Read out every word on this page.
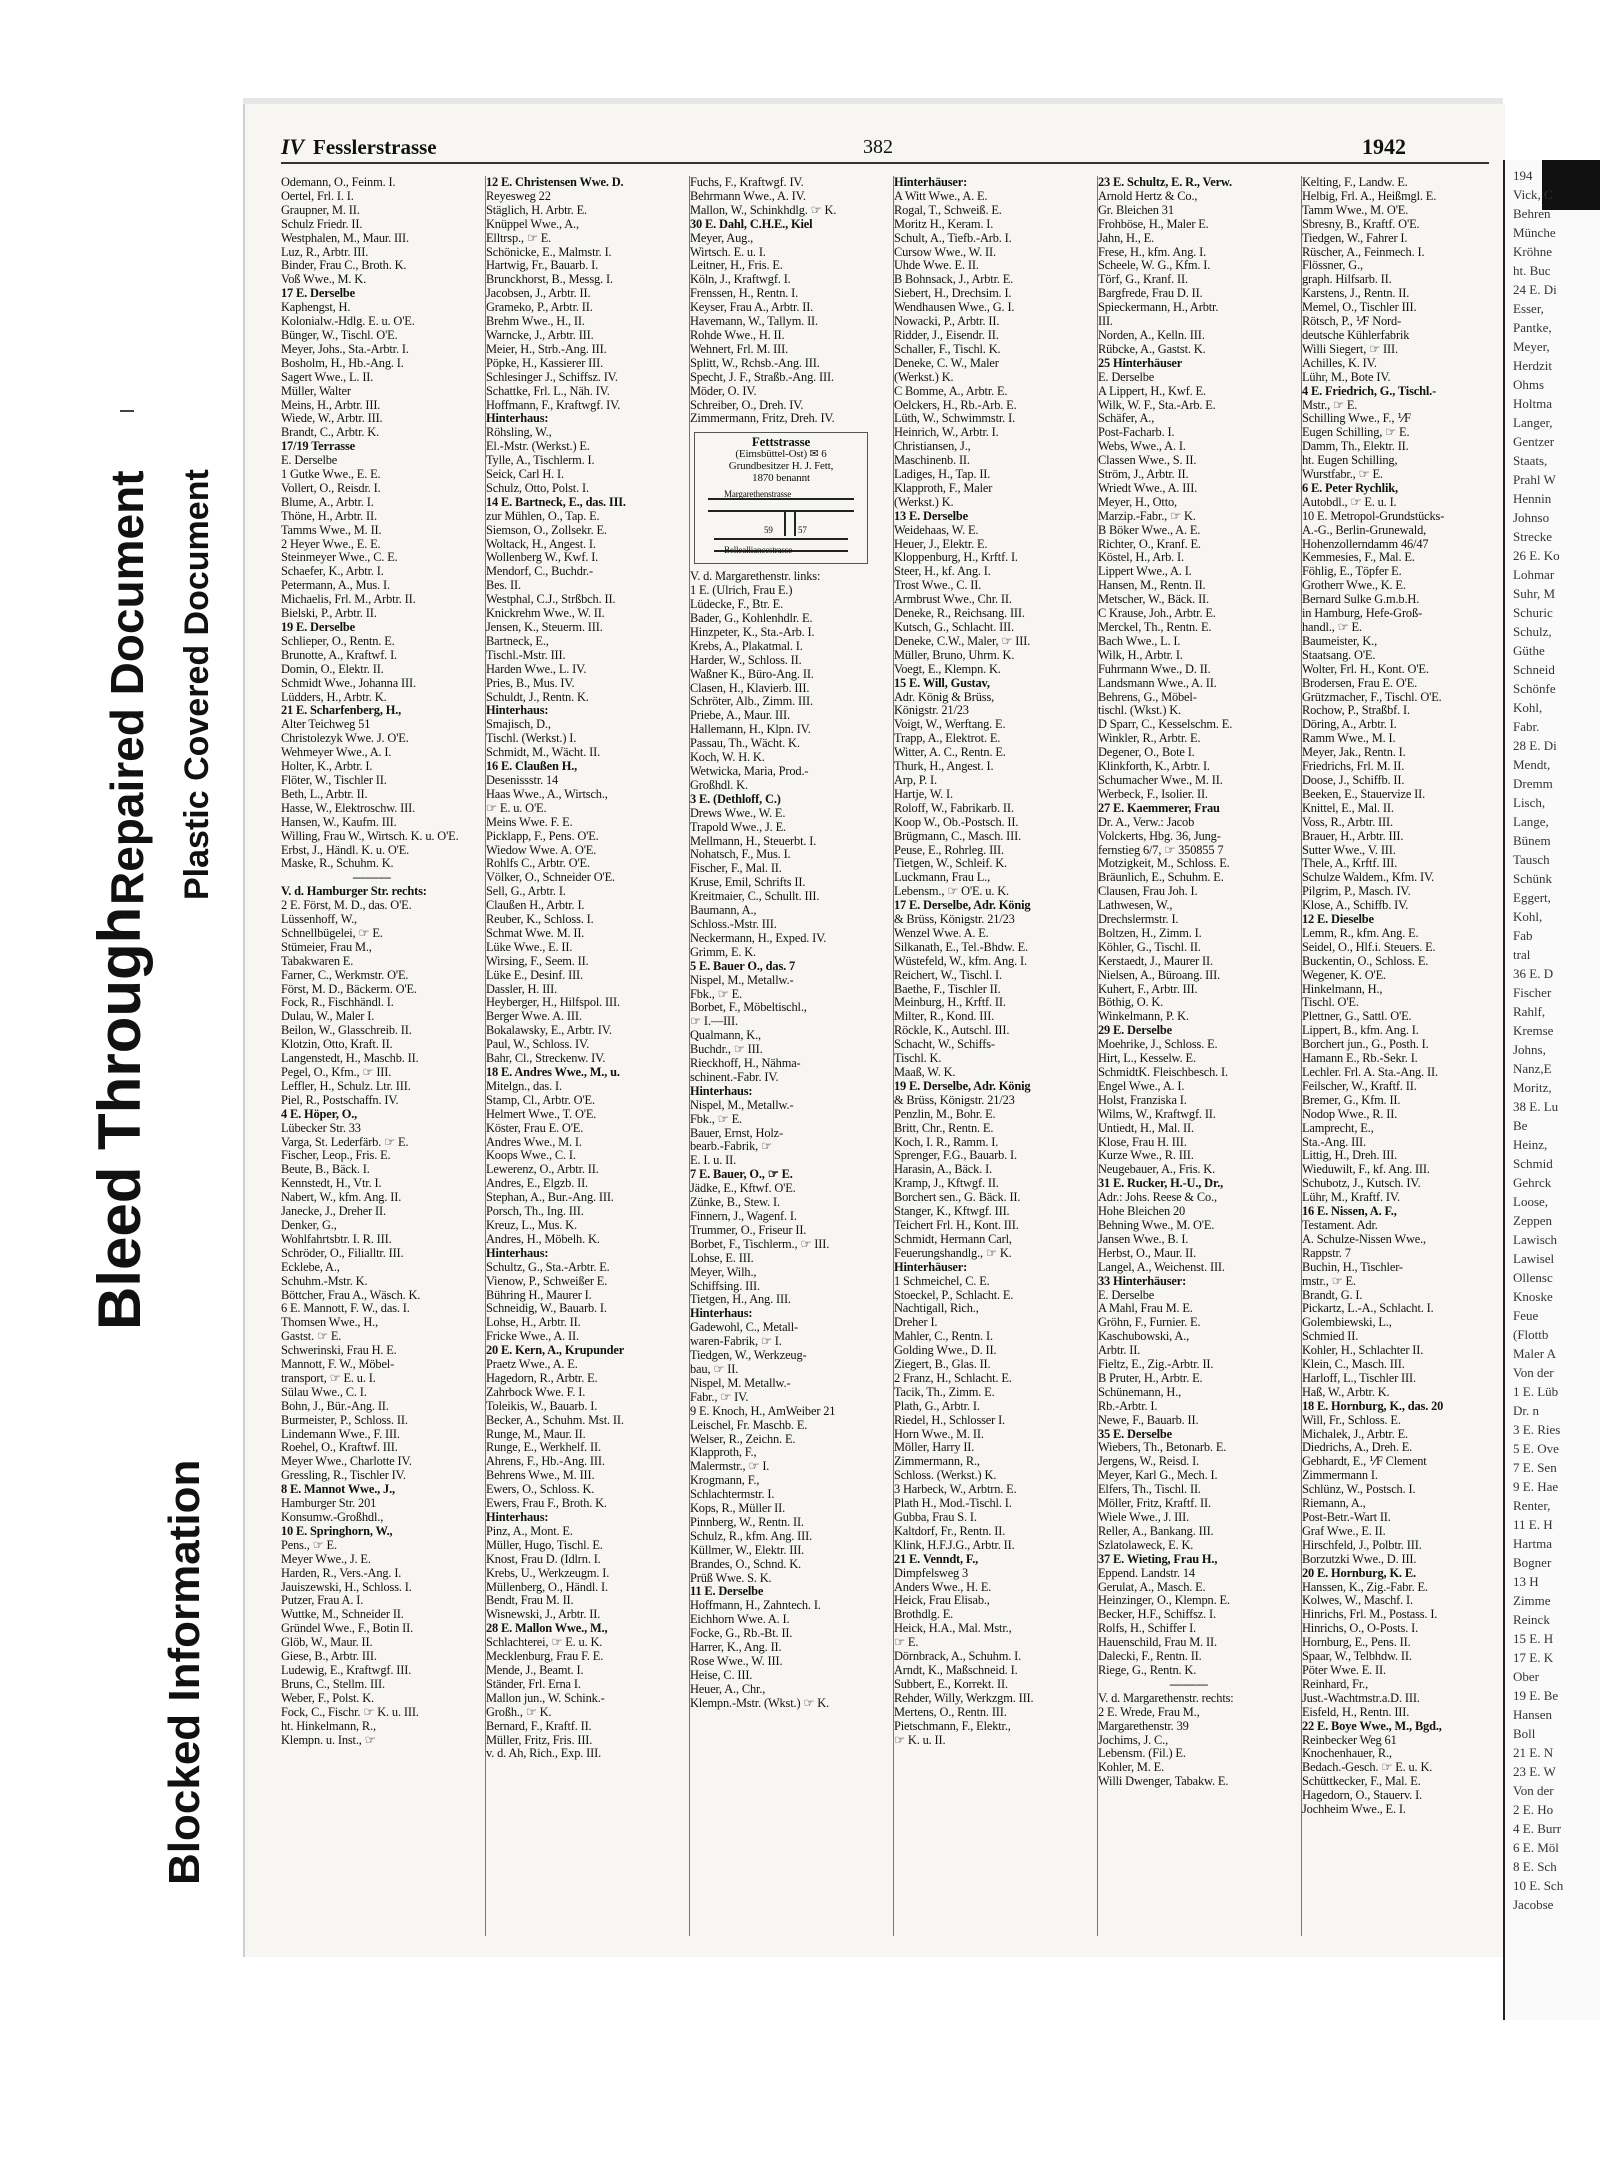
Bleed Through
Repaired Document Plastic Covered Document
Blocked Information
IV Fesslerstrasse	382	1942
Odemann, O., Feinm. I.
Oertel, Frl. I. I.
Graupner, M. II.
Schulz Friedr. II.
Westphalen, M., Maur. III.
Luz, R., Arbtr. III.
Binder, Frau C., Broth. K.
Voß Wwe., M. K.
17 E. Derselbe
Kaphengst, H.
Kolonialw.-Hdlg. E. u. O'E.
Bünger, W., Tischl. O'E.
Meyer, Johs., Sta.-Arbtr. I.
Bosholm, H., Hb.-Ang. I.
Sagert Wwe., L. II.
Müller, Walter
Meins, H., Arbtr. III.
Wiede, W., Arbtr. III.
Brandt, C., Arbtr. K.
17/19 Terrasse
E. Derselbe
1 Gutke Wwe., E. E.
Vollert, O., Reisdr. I.
Blume, A., Arbtr. I.
Thöne, H., Arbtr. II.
Tamms Wwe., M. II.
2 Heyer Wwe., E. E.
Steinmeyer Wwe., C. E.
Schaefer, K., Arbtr. I.
Petermann, A., Mus. I.
Michaelis, Frl. M., Arbtr. II.
Bielski, P., Arbtr. II.
19 E. Derselbe
Schlieper, O., Rentn. E.
Brunotte, A., Kraftwf. I.
Domin, O., Elektr. II.
Schmidt Wwe., Johanna III.
Lüdders, H., Arbtr. K.
21 E. Scharfenberg, H.,
Alter Teichweg 51
Christolezyk Wwe. J. O'E.
Wehmeyer Wwe., A. I.
Holter, K., Arbtr. I.
Flöter, W., Tischler II.
Beth, L., Arbtr. II.
Hasse, W., Elektroschw. III.
Hansen, W., Kaufm. III.
Willing, Frau W., Wirtsch. K. u. O'E.
Erbst, J., Händl. K. u. O'E.
Maske, R., Schuhm. K.
———
V. d. Hamburger Str. rechts:
2 E. Först, M. D., das. O'E.
Lüssenhoff, W.,
Schnellbügelei, ☞ E.
Stümeier, Frau M.,
Tabakwaren E.
Farner, C., Werkmstr. O'E.
Först, M. D., Bäckerm. O'E.
Fock, R., Fischhändl. I.
Dulau, W., Maler I.
Beilon, W., Glasschreib. II.
Klotzin, Otto, Kraft. II.
Langenstedt, H., Maschb. II.
Pegel, O., Kfm., ☞ III.
Leffler, H., Schulz. Ltr. III.
Piel, R., Postschaffn. IV.
4 E. Höper, O.,
Lübecker Str. 33
Varga, St. Lederfärb. ☞ E.
Fischer, Leop., Fris. E.
Beute, B., Bäck. I.
Kennstedt, H., Vtr. I.
Nabert, W., kfm. Ang. II.
Janecke, J., Dreher II.
Denker, G.,
Wohlfahrtsbtr. I. R. III.
Schröder, O., Filialltr. III.
Ecklebe, A.,
Schuhm.-Mstr. K.
Böttcher, Frau A., Wäsch. K.
6 E. Mannott, F. W., das. I.
Thomsen Wwe., H.,
Gastst. ☞ E.
Schwerinski, Frau H. E.
Mannott, F. W., Möbel-
transport, ☞ E. u. I.
Sülau Wwe., C. I.
Bohn, J., Bür.-Ang. II.
Burmeister, P., Schloss. II.
Lindemann Wwe., F. III.
Roehel, O., Kraftwf. III.
Meyer Wwe., Charlotte IV.
Gressling, R., Tischler IV.
8 E. Mannot Wwe., J.,
Hamburger Str. 201
Konsumw.-Großhdl.,
10 E. Springhorn, W.,
Pens., ☞ E.
Meyer Wwe., J. E.
Harden, R., Vers.-Ang. I.
Jauiszewski, H., Schloss. I.
Putzer, Frau A. I.
Wuttke, M., Schneider II.
Gründel Wwe., F., Botin II.
Glöb, W., Maur. II.
Giese, B., Arbtr. III.
Ludewig, E., Kraftwgf. III.
Bruns, C., Stellm. III.
Weber, F., Polst. K.
Fock, C., Fischr. ☞ K. u. III.
ht. Hinkelmann, R.,
Klempn. u. Inst., ☞
12 E. Christensen Wwe. D.
Reyesweg 22
Stäglich, H. Arbtr. E.
Knüppel Wwe., A.,
Elltrsp., ☞ E.
Schönicke, E., Malmstr. I.
Hartwig, Fr., Bauarb. I.
Brunckhorst, B., Messg. I.
Jacobsen, J., Arbtr. II.
Grameko, P., Arbtr. II.
Brehm Wwe., H., II.
Warncke, J., Arbtr. III.
Meier, H., Strb.-Ang. III.
Pöpke, H., Kassierer III.
Schlesinger J., Schiffsz. IV.
Schattke, Frl. L., Näh. IV.
Hoffmann, F., Kraftwgf. IV.
Hinterhaus:
Röhsling, W.,
El.-Mstr. (Werkst.) E.
Tylle, A., Tischlerm. I.
Seick, Carl H. I.
Schulz, Otto, Polst. I.
14 E. Bartneck, E., das. III.
zur Mühlen, O., Tap. E.
Siemson, O., Zollsekr. E.
Woltack, H., Angest. I.
Wollenberg W., Kwf. I.
Mendorf, C., Buchdr.-
Bes. II.
Westphal, C.J., Strßbch. II.
Knickrehm Wwe., W. II.
Jensen, K., Steuerm. III.
Bartneck, E.,
Tischl.-Mstr. III.
Harden Wwe., L. IV.
Pries, B., Mus. IV.
Schuldt, J., Rentn. K.
Hinterhaus:
Smajisch, D.,
Tischl. (Werkst.) I.
Schmidt, M., Wächt. II.
16 E. Claußen H.,
Desenissstr. 14
Haas Wwe., A., Wirtsch.,
☞ E. u. O'E.
Meins Wwe. F. E.
Picklapp, F., Pens. O'E.
Wiedow Wwe. A. O'E.
Rohlfs C., Arbtr. O'E.
Völker, O., Schneider O'E.
Sell, G., Arbtr. I.
Claußen H., Arbtr. I.
Reuber, K., Schloss. I.
Schmat Wwe. M. II.
Lüke Wwe., E. II.
Wirsing, F., Seem. II.
Lüke E., Desinf. III.
Dassler, H. III.
Heyberger, H., Hilfspol. III.
Berger Wwe. A. III.
Bokalawsky, E., Arbtr. IV.
Paul, W., Schloss. IV.
Bahr, Cl., Streckenw. IV.
18 E. Andres Wwe., M., u.
Mitelgn., das. I.
Stamp, Cl., Arbtr. O'E.
Helmert Wwe., T. O'E.
Köster, Frau E. O'E.
Andres Wwe., M. I.
Koops Wwe., C. I.
Lewerenz, O., Arbtr. II.
Andres, E., Elgzb. II.
Stephan, A., Bur.-Ang. III.
Porsch, Th., Ing. III.
Kreuz, L., Mus. K.
Andres, H., Möbelh. K.
Hinterhaus:
Schultz, G., Sta.-Arbtr. E.
Vienow, P., Schweißer E.
Bühring H., Maurer I.
Schneidig, W., Bauarb. I.
Lohse, H., Arbtr. II.
Fricke Wwe., A. II.
20 E. Kern, A., Krupunder
Praetz Wwe., A. E.
Hagedorn, R., Arbtr. E.
Zahrbock Wwe. F. I.
Toleikis, W., Bauarb. I.
Becker, A., Schuhm. Mst. II.
Runge, M., Maur. II.
Runge, E., Werkhelf. II.
Ahrens, F., Hb.-Ang. III.
Behrens Wwe., M. III.
Ewers, O., Schloss. K.
Ewers, Frau F., Broth. K.
Hinterhaus:
Pinz, A., Mont. E.
Müller, Hugo, Tischl. E.
Knost, Frau D. (Idlrn. I.
Krebs, U., Werkzeugm. I.
Müllenberg, O., Händl. I.
Bendt, Frau M. II.
Wisnewski, J., Arbtr. II.
28 E. Mallon Wwe., M.,
Schlachterei, ☞ E. u. K.
Mecklenburg, Frau F. E.
Mende, J., Beamt. I.
Ständer, Frl. Erna I.
Mallon jun., W. Schink.-
Großh., ☞ K.
Bernard, F., Kraftf. II.
Müller, Fritz, Fris. III.
v. d. Ah, Rich., Exp. III.
Fuchs, F., Kraftwgf. IV.
Behrmann Wwe., A. IV.
Mallon, W., Schinkhdlg. ☞ K.
30 E. Dahl, C.H.E., Kiel
Meyer, Aug.,
Wirtsch. E. u. I.
Leitner, H., Fris. E.
Köln, J., Kraftwgf. I.
Frenssen, H., Rentn. I.
Keyser, Frau A., Arbtr. II.
Havemann, W., Tallym. II.
Rohde Wwe., H. II.
Wehnert, Frl. M. III.
Splitt, W., Rchsb.-Ang. III.
Specht, J. F., Straßb.-Ang. III.
Möder, O. IV.
Schreiber, O., Dreh. IV.
Zimmermann, Fritz, Dreh. IV.
Fettstrasse
(Eimsbüttel-Ost) ✉ 6
Grundbesitzer H. J. Fett,
1870 benannt
Margarethenstrasse
59	57
Belleallianccstrasse
V. d. Margarethenstr. links:
1 E. (Ulrich, Frau E.)
Lüdecke, F., Btr. E.
Bader, G., Kohlenhdlr. E.
Hinzpeter, K., Sta.-Arb. I.
Krebs, A., Plakatmal. I.
Harder, W., Schloss. II.
Waßner K., Büro-Ang. II.
Clasen, H., Klavierb. III.
Schröter, Alb., Zimm. III.
Priebe, A., Maur. III.
Hallemann, H., Klpn. IV.
Passau, Th., Wächt. K.
Koch, W. H. K.
Wetwicka, Maria, Prod.-
Großhdl. K.
3 E. (Dethloff, C.)
Drews Wwe., W. E.
Trapold Wwe., J. E.
Mellmann, H., Steuerbt. I.
Nohatsch, F., Mus. I.
Fischer, F., Mal. II.
Kruse, Emil, Schrifts II.
Kreitmaier, C., Schullt. III.
Baumann, A.,
Schloss.-Mstr. III.
Neckermann, H., Exped. IV.
Grimm, E. K.
5 E. Bauer O., das. 7
Nispel, M., Metallw.-
Fbk., ☞ E.
Borbet, F., Möbeltischl.,
☞ I.—III.
Qualmann, K.,
Buchdr., ☞ III.
Rieckhoff, H., Nähma-
schinent.-Fabr. IV.
Hinterhaus:
Nispel, M., Metallw.-
Fbk., ☞ E.
Bauer, Ernst, Holz-
bearb.-Fabrik, ☞
E. I. u. II.
7 E. Bauer, O., ☞ E.
Jädke, E., Kftwf. O'E.
Zünke, B., Stew. I.
Finnern, J., Wagenf. I.
Trummer, O., Friseur II.
Borbet, F., Tischlerm., ☞ III.
Lohse, E. III.
Meyer, Wilh.,
Schiffsing. III.
Tietgen, H., Ang. III.
Hinterhaus:
Gadewohl, C., Metall-
waren-Fabrik, ☞ I.
Tiedgen, W., Werkzeug-
bau, ☞ II.
Nispel, M. Metallw.-
Fabr., ☞ IV.
9 E. Knoch, H., AmWeiber 21
Leischel, Fr. Maschb. E.
Welser, R., Zeichn. E.
Klapproth, F.,
Malermstr., ☞ I.
Krogmann, F.,
Schlachtermstr. I.
Kops, R., Müller II.
Pinnberg, W., Rentn. II.
Schulz, R., kfm. Ang. III.
Küllmer, W., Elektr. III.
Brandes, O., Schnd. K.
Prüß Wwe. S. K.
11 E. Derselbe
Hoffmann, H., Zahntech. I.
Eichhorn Wwe. A. I.
Focke, G., Rb.-Bt. II.
Harrer, K., Ang. II.
Rose Wwe., W. III.
Heise, C. III.
Heuer, A., Chr.,
Klempn.-Mstr. (Wkst.) ☞ K.
Hinterhäuser:
A Witt Wwe., A. E.
Rogal, T., Schweiß. E.
Moritz H., Keram. I.
Schult, A., Tiefb.-Arb. I.
Cursow Wwe., W. II.
Uhde Wwe. E. II.
B Bohnsack, J., Arbtr. E.
Siebert, H., Drechsim. I.
Wendhausen Wwe., G. I.
Nowacki, P., Arbtr. II.
Ridder, J., Eisendr. II.
Schaller, F., Tischl. K.
Deneke, C. W., Maler
(Werkst.) K.
C Bomme, A., Arbtr. E.
Oelckers, H., Rb.-Arb. E.
Lüth, W., Schwimmstr. I.
Heinrich, W., Arbtr. I.
Christiansen, J.,
Maschinenb. II.
Ladiges, H., Tap. II.
Klapproth, F., Maler
(Werkst.) K.
13 E. Derselbe
Weidehaas, W. E.
Heuer, J., Elektr. E.
Kloppenburg, H., Krftf. I.
Steer, H., kf. Ang. I.
Trost Wwe., C. II.
Armbrust Wwe., Chr. II.
Deneke, R., Reichsang. III.
Kutsch, G., Schlacht. III.
Deneke, C.W., Maler, ☞ III.
Müller, Bruno, Uhrm. K.
Voegt, E., Klempn. K.
15 E. Will, Gustav,
Adr. König & Brüss,
Königstr. 21/23
Voigt, W., Werftang. E.
Trapp, A., Elektrot. E.
Witter, A. C., Rentn. E.
Thurk, H., Angest. I.
Arp, P. I.
Hartje, W. I.
Roloff, W., Fabrikarb. II.
Koop W., Ob.-Postsch. II.
Brügmann, C., Masch. III.
Peuse, E., Rohrleg. III.
Tietgen, W., Schleif. K.
Luckmann, Frau L.,
Lebensm., ☞ O'E. u. K.
17 E. Derselbe, Adr. König
& Brüss, Königstr. 21/23
Wenzel Wwe. A. E.
Silkanath, E., Tel.-Bhdw. E.
Wüstefeld, W., kfm. Ang. I.
Reichert, W., Tischl. I.
Baethe, F., Tischler II.
Meinburg, H., Krftf. II.
Milter, R., Kond. III.
Röckle, K., Autschl. III.
Schacht, W., Schiffs-
Tischl. K.
Maaß, W. K.
19 E. Derselbe, Adr. König
& Brüss, Königstr. 21/23
Penzlin, M., Bohr. E.
Britt, Chr., Rentn. E.
Koch, I. R., Ramm. I.
Sprenger, F.G., Bauarb. I.
Harasin, A., Bäck. I.
Kramp, J., Kftwgf. II.
Borchert sen., G. Bäck. II.
Stanger, K., Kftwgf. III.
Teichert Frl. H., Kont. III.
Schmidt, Hermann Carl,
Feuerungshandlg., ☞ K.
Hinterhäuser:
1 Schmeichel, C. E.
Stoeckel, P., Schlacht. E.
Nachtigall, Rich.,
Dreher I.
Mahler, C., Rentn. I.
Golding Wwe., D. II.
Ziegert, B., Glas. II.
2 Franz, H., Schlacht. E.
Tacik, Th., Zimm. E.
Plath, G., Arbtr. I.
Riedel, H., Schlosser I.
Horn Wwe., M. II.
Möller, Harry II.
Zimmermann, R.,
Schloss. (Werkst.) K.
3 Harbeck, W., Arbtrn. E.
Plath H., Mod.-Tischl. I.
Gubba, Frau S. I.
Kaltdorf, Fr., Rentn. II.
Klink, H.F.J.G., Arbtr. II.
21 E. Venndt, F.,
Dimpfelsweg 3
Anders Wwe., H. E.
Heick, Frau Elisab.,
Brothdlg. E.
Heick, H.A., Mal. Mstr.,
☞ E.
Dörnbrack, A., Schuhm. I.
Arndt, K., Maßschneid. I.
Subbert, E., Korrekt. II.
Rehder, Willy, Werkzgm. III.
Mertens, O., Rentn. III.
Pietschmann, F., Elektr.,
☞ K. u. II.
23 E. Schultz, E. R., Verw.
Arnold Hertz & Co.,
Gr. Bleichen 31
Frohböse, H., Maler E.
Jahn, H., E.
Frese, H., kfm. Ang. I.
Scheele, W. G., Kfm. I.
Törf, G., Kranf. II.
Bargfrede, Frau D. II.
Spieckermann, H., Arbtr.
III.
Norden, A., Kelln. III.
Rübcke, A., Gastst. K.
25 Hinterhäuser
E. Derselbe
A Lippert, H., Kwf. E.
Wilk, W. F., Sta.-Arb. E.
Schäfer, A.,
Post-Facharb. I.
Webs, Wwe., A. I.
Classen Wwe., S. II.
Ström, J., Arbtr. II.
Wriedt Wwe., A. III.
Meyer, H., Otto,
Marzip.-Fabr., ☞ K.
B Böker Wwe., A. E.
Richter, O., Kranf. E.
Köstel, H., Arb. I.
Lippert Wwe., A. I.
Hansen, M., Rentn. II.
Metscher, W., Bäck. II.
C Krause, Joh., Arbtr. E.
Merckel, Th., Rentn. E.
Bach Wwe., L. I.
Wilk, H., Arbtr. I.
Fuhrmann Wwe., D. II.
Landsmann Wwe., A. II.
Behrens, G., Möbel-
tischl. (Wkst.) K.
D Sparr, C., Kesselschm. E.
Winkler, R., Arbtr. E.
Degener, O., Bote I.
Klinkforth, K., Arbtr. I.
Schumacher Wwe., M. II.
Werbeck, F., Isolier. II.
27 E. Kaemmerer, Frau
Dr. A., Verw.: Jacob
Volckerts, Hbg. 36, Jung-
fernstieg 6/7, ☞ 350855 7
Motzigkeit, M., Schloss. E.
Bräunlich, E., Schuhm. E.
Clausen, Frau Joh. I.
Lathwesen, W.,
Drechslermstr. I.
Boltzen, H., Zimm. I.
Köhler, G., Tischl. II.
Kerstaedt, J., Maurer II.
Nielsen, A., Büroang. III.
Kuhert, F., Arbtr. III.
Böthig, O. K.
Winkelmann, P. K.
29 E. Derselbe
Moehrike, J., Schloss. E.
Hirt, L., Kesselw. E.
SchmidtK. Fleischbesch. I.
Engel Wwe., A. I.
Holst, Franziska I.
Wilms, W., Kraftwgf. II.
Untiedt, H., Mal. II.
Klose, Frau H. III.
Kurze Wwe., R. III.
Neugebauer, A., Fris. K.
31 E. Rucker, H.-U., Dr.,
Adr.: Johs. Reese & Co.,
Hohe Bleichen 20
Behning Wwe., M. O'E.
Jansen Wwe., B. I.
Herbst, O., Maur. II.
Langel, A., Weichenst. III.
33 Hinterhäuser:
E. Derselbe
A Mahl, Frau M. E.
Gröhn, F., Furnier. E.
Kaschubowski, A.,
Arbtr. II.
Fieltz, E., Zig.-Arbtr. II.
B Pruter, H., Arbtr. E.
Schünemann, H.,
Rb.-Arbtr. I.
Newe, F., Bauarb. II.
35 E. Derselbe
Wiebers, Th., Betonarb. E.
Jergens, W., Reisd. I.
Meyer, Karl G., Mech. I.
Elfers, Th., Tischl. II.
Möller, Fritz, Kraftf. II.
Wiele Wwe., J. III.
Reller, A., Bankang. III.
Szlatolaweck, E. K.
37 E. Wieting, Frau H.,
Eppend. Landstr. 14
Gerulat, A., Masch. E.
Heinzinger, O., Klempn. E.
Becker, H.F., Schiffsz. I.
Rolfs, H., Schiffer I.
Hauenschild, Frau M. II.
Dalecki, F., Rentn. II.
Riege, G., Rentn. K.
———
V. d. Margarethenstr. rechts:
2 E. Wrede, Frau M.,
Margarethenstr. 39
Jochims, J. C.,
Lebensm. (Fil.) E.
Kohler, M. E.
Willi Dwenger, Tabakw. E.
Kelting, F., Landw. E.
Helbig, Frl. A., Heißmgl. E.
Tamm Wwe., M. O'E.
Sbresny, B., Kraftf. O'E.
Tiedgen, W., Fahrer I.
Rüscher, A., Feinmech. I.
Flössner, G.,
graph. Hilfsarb. II.
Karstens, J., Rentn. II.
Memel, O., Tischler III.
Rötsch, P., ⅟F Nord-
deutsche Kühlerfabrik
Willi Siegert, ☞ III.
Achilles, K. IV.
Lühr, M., Bote IV.
4 E. Friedrich, G., Tischl.-
Mstr., ☞ E.
Schilling Wwe., F., ⅟F
Eugen Schilling, ☞ E.
Damm, Th., Elektr. II.
ht. Eugen Schilling,
Wurstfabr., ☞ E.
6 E. Peter Rychlik,
Autobdl., ☞ E. u. I.
10 E. Metropol-Grundstücks-
A.-G., Berlin-Grunewald,
Hohenzollerndamm 46/47
Kemmesies, F., Mal. E.
Föhlig, E., Töpfer E.
Grotherr Wwe., K. E.
Bernard Sulke G.m.b.H.
in Hamburg, Hefe-Groß-
handl., ☞ E.
Baumeister, K.,
Staatsang. O'E.
Wolter, Frl. H., Kont. O'E.
Brodersen, Frau E. O'E.
Grützmacher, F., Tischl. O'E.
Rochow, P., Straßbf. I.
Döring, A., Arbtr. I.
Ramm Wwe., M. I.
Meyer, Jak., Rentn. I.
Friedrichs, Frl. M. II.
Doose, J., Schiffb. II.
Beeken, E., Stauervize II.
Knittel, E., Mal. II.
Voss, R., Arbtr. III.
Brauer, H., Arbtr. III.
Sutter Wwe., V. III.
Thele, A., Krftf. III.
Schulze Waldem., Kfm. IV.
Pilgrim, P., Masch. IV.
Klose, A., Schiffb. IV.
12 E. Dieselbe
Lemm, R., kfm. Ang. E.
Seidel, O., Hlf.i. Steuers. E.
Buckentin, O., Schloss. E.
Wegener, K. O'E.
Hinkelmann, H.,
Tischl. O'E.
Plettner, G., Sattl. O'E.
Lippert, B., kfm. Ang. I.
Borchert jun., G., Posth. I.
Hamann E., Rb.-Sekr. I.
Lechler. Frl. A. Sta.-Ang. II.
Feilscher, W., Kraftf. II.
Bremer, G., Kfm. II.
Nodop Wwe., R. II.
Lamprecht, E.,
Sta.-Ang. III.
Littig, H., Dreh. III.
Wieduwilt, F., kf. Ang. III.
Schubotz, J., Kutsch. IV.
Lühr, M., Kraftf. IV.
16 E. Nissen, A. F.,
Testament. Adr.
A. Schulze-Nissen Wwe.,
Rappstr. 7
Buchin, H., Tischler-
mstr., ☞ E.
Brandt, G. I.
Pickartz, L.-A., Schlacht. I.
Golembiewski, L.,
Schmied II.
Kohler, H., Schlachter II.
Klein, C., Masch. III.
Harloff, L., Tischler III.
Haß, W., Arbtr. K.
18 E. Hornburg, K., das. 20
Will, Fr., Schloss. E.
Michalek, J., Arbtr. E.
Diedrichs, A., Dreh. E.
Gebhardt, E., ⅟F Clement
Zimmermann I.
Schlünz, W., Postsch. I.
Riemann, A.,
Post-Betr.-Wart II.
Graf Wwe., E. II.
Hirschfeld, J., Polbtr. III.
Borzutzki Wwe., D. III.
20 E. Hornburg, K. E.
Hanssen, K., Zig.-Fabr. E.
Kolwes, W., Maschf. I.
Hinrichs, Frl. M., Postass. I.
Hinrichs, O., O-Posts. I.
Hornburg, E., Pens. II.
Spaar, W., Telbhdw. II.
Pöter Wwe. E. II.
Reinhard, Fr.,
Just.-Wachtmstr.a.D. III.
Eisfeld, H., Rentn. III.
22 E. Boye Wwe., M., Bgd.,
Reinbecker Weg 61
Knochenhauer, R.,
Bedach.-Gesch. ☞ E. u. K.
Schüttkecker, F., Mal. E.
Hagedorn, O., Stauerv. I.
Jochheim Wwe., E. I.
194
Vick, C
Behren
Münche
Kröhne
ht. Buc
24 E. Di
Esser,
Pantke,
Meyer,
Herdzit
Ohms
Holtma
Langer,
Gentzer
Staats,
Prahl W
Hennin
Johnso
Strecke
26 E. Ko
Lohmar
Suhr, M
Schuric
Schulz,
Güthe
Schneid
Schönfe
Kohl,
Fabr.
28 E. Di
Mendt,
Dremm
Lisch,
Lange,
Bünem
Tausch
Schünk
Eggert,
Kohl,
Fab
tral
36 E. D
Fischer
Rahlf,
Kremse
Johns,
Nanz,E
Moritz,
38 E. Lu
Be
Heinz,
Schmid
Gehrck
Loose,
Zeppen
Lawisch
Lawisel
Ollensc
Knoske
Feue
(Flottb
Maler A
Von der
1 E. Lüb
Dr. n
3 E. Ries
5 E. Ove
7 E. Sen
9 E. Hae
Renter,
11 E. H
Hartma
Bogner
13 H
Zimme
Reinck
15 E. H
17 E. K
Ober
19 E. Be
Hansen
Boll
21 E. N
23 E. W
Von der
2 E. Ho
4 E. Burr
6 E. Möl
8 E. Sch
10 E. Sch
Jacobse
